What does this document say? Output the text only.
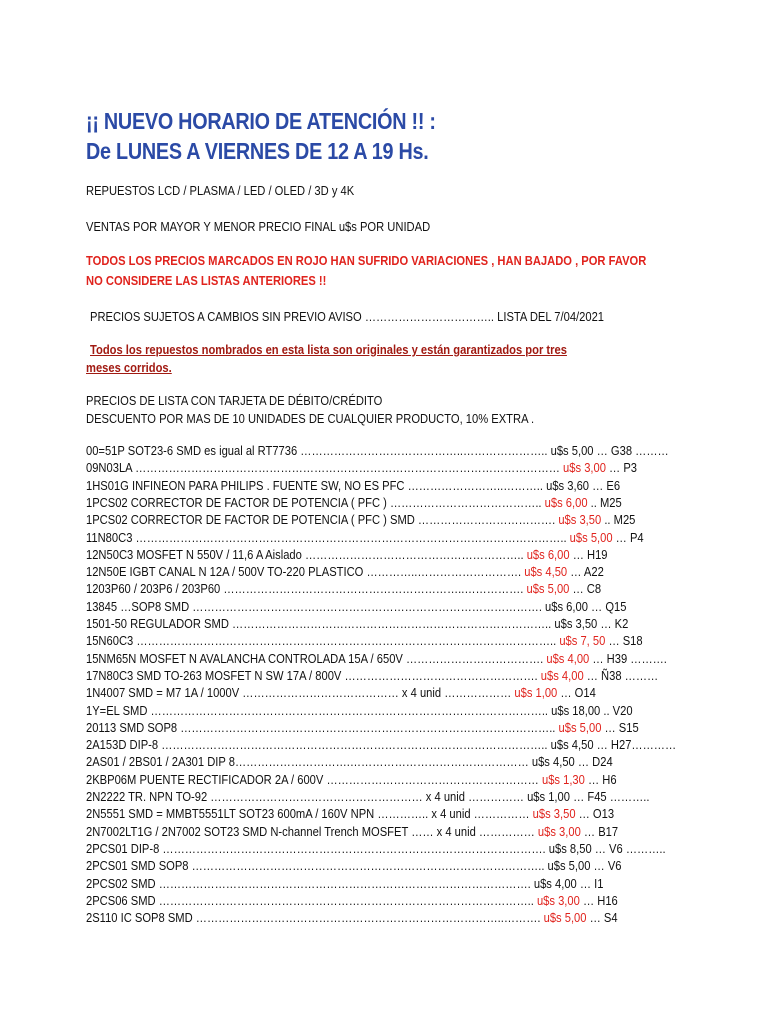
¡¡ NUEVO HORARIO DE ATENCIÓN !! :
De LUNES A VIERNES DE 12 A 19 Hs.
REPUESTOS LCD / PLASMA / LED / OLED / 3D y 4K
VENTAS POR MAYOR Y MENOR PRECIO FINAL u$s POR UNIDAD
TODOS LOS PRECIOS MARCADOS EN ROJO HAN SUFRIDO VARIACIONES , HAN BAJADO , POR FAVOR
NO CONSIDERE LAS LISTAS ANTERIORES !!
PRECIOS SUJETOS A CAMBIOS SIN PREVIO AVISO …………………………….. LISTA DEL 7/04/2021
Todos los repuestos nombrados en esta lista son originales y están garantizados por tres
meses corridos.
PRECIOS DE LISTA CON TARJETA DE DÉBITO/CRÉDITO
DESCUENTO POR MAS DE 10 UNIDADES DE CUALQUIER PRODUCTO, 10% EXTRA .
00=51P SOT23-6 SMD es igual al RT7736 ……………………………………..………………….. u$s 5,00 … G38 ………
09N03LA …………………………………………………………………………………………………… u$s 3,00 … P3
1HS01G INFINEON PARA PHILIPS . FUENTE SW, NO ES PFC ……………………..……….. u$s 3,60 … E6
1PCS02 CORRECTOR DE FACTOR DE POTENCIA ( PFC ) ………………………………….. u$s 6,00 .. M25
1PCS02 CORRECTOR DE FACTOR DE POTENCIA ( PFC ) SMD ………………………………. u$s 3,50 .. M25
11N80C3 …………………………………………………………………………………………………….. u$s 5,00 … P4
12N50C3 MOSFET N 550V / 11,6 A Aislado ………………………………………………….. u$s 6,00 … H19
12N50E IGBT CANAL N 12A / 500V TO-220 PLASTICO …………..………………………. u$s 4,50 … A22
1203P60 / 203P6 / 203P60 ………………………………………………………..……………. u$s 5,00 … C8
13845 …SOP8 SMD …………………………………………………………………………………. u$s 6,00 … Q15
1501-50 REGULADOR SMD ………………………………………………………………………….. u$s 3,50 … K2
15N60C3 ………………………………………………………………………………………………….. u$s 7, 50 … S18
15NM65N MOSFET N AVALANCHA CONTROLADA 15A / 650V ………………………………. u$s 4,00 … H39 ……….
17N80C3 SMD TO-263 MOSFET N SW 17A / 800V ……………………………………………. u$s 4,00 … Ñ38 ………
1N4007 SMD = M7 1A / 1000V …………………………………… x 4 unid ……………… u$s 1,00 … O14
1Y=EL SMD …………………………………………………………………………………………….. u$s 18,00 .. V20
20113 SMD SOP8 ……………………………………………………………………………………….. u$s 5,00 … S15
2A153D DIP-8 ………………………………………………………………………………………….. u$s 4,50 … H27…………
2AS01 / 2BS01 / 2A301 DIP 8………………………….………………………………………… u$s 4,50 … D24
2KBP06M PUENTE RECTIFICADOR 2A / 600V ………………………………………………… u$s 1,30 … H6
2N2222 TR. NPN TO-92 ………………………………………………… x 4 unid …………… u$s 1,00 … F45 ………..
2N5551 SMD = MMBT5551LT SOT23 600mA / 160V NPN ………….. x 4 unid …………… u$s 3,50 … O13
2N7002LT1G / 2N7002 SOT23 SMD N-channel Trench MOSFET …… x 4 unid …………… u$s 3,00 … B17
2PCS01 DIP-8 …………………………………………………………………………………………. u$s 8,50 … V6 ………..
2PCS01 SMD SOP8 ………………………………………………………………………………….. u$s 5,00 … V6
2PCS02 SMD ………………………………………………………………………………………. u$s 4,00 … I1
2PCS06 SMD ……………………………………………………………………………………….. u$s 3,00 … H16
2S110 IC SOP8 SMD ………………………………………………………………………..………. u$s 5,00 … S4
